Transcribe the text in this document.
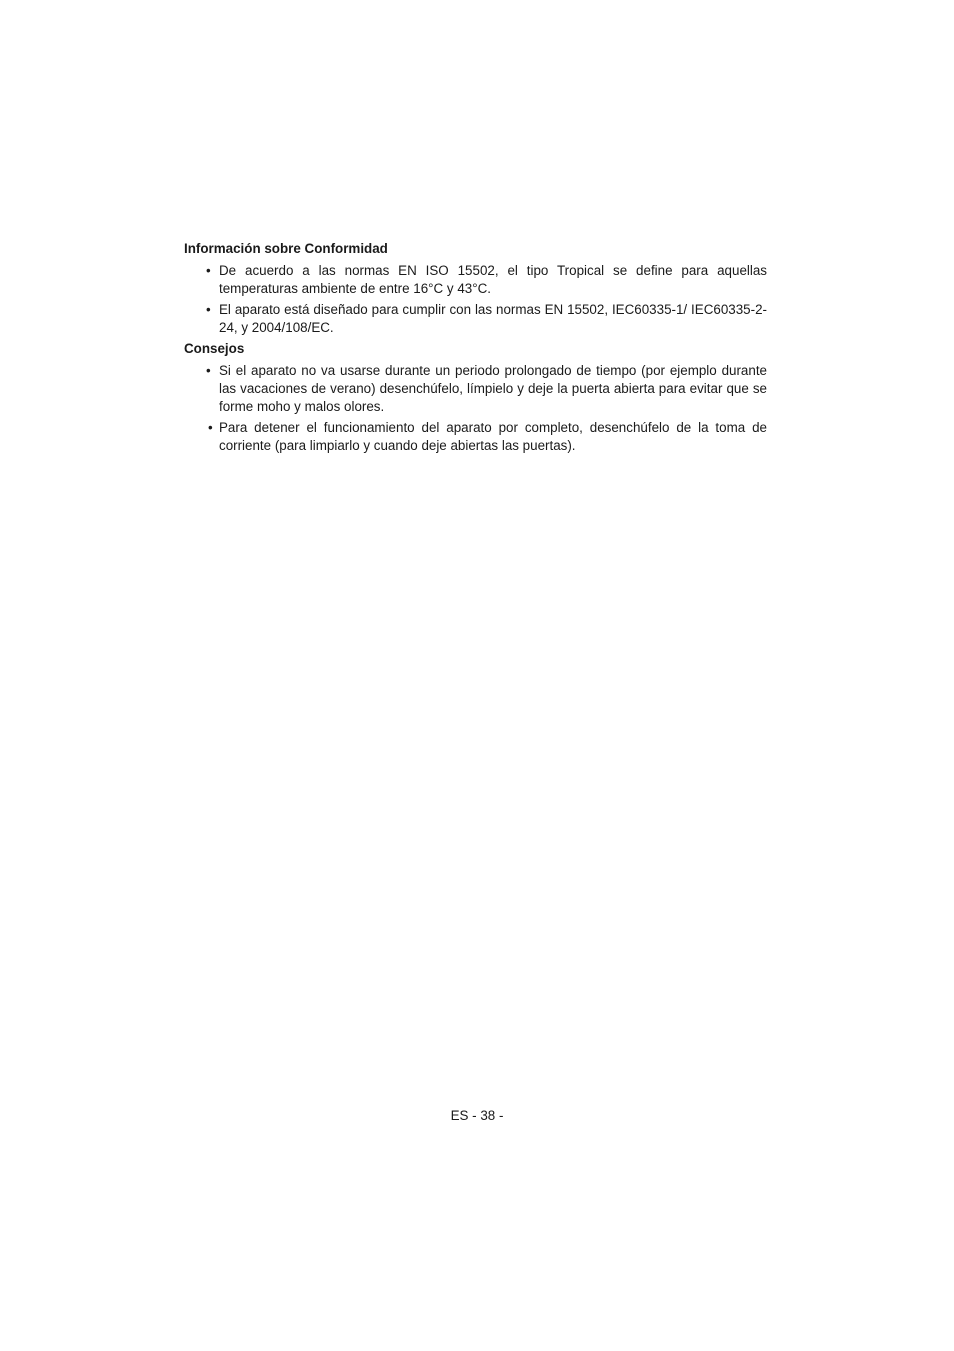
Información sobre Conformidad
• De acuerdo a las normas EN ISO 15502, el tipo Tropical se define para aquellas temperaturas ambiente de entre 16°C y 43°C.
• El aparato está diseñado para cumplir con las normas EN 15502, IEC60335-1/ IEC60335-2-24, y 2004/108/EC.
Consejos
• Si el aparato no va usarse durante un periodo prolongado de tiempo (por ejemplo durante las vacaciones de verano) desenchúfelo, límpielo y deje la puerta abierta para evitar que se forme moho y malos olores.
• Para detener el funcionamiento del aparato por completo, desenchúfelo de la toma de corriente (para limpiarlo y cuando deje abiertas las puertas).
ES - 38 -
